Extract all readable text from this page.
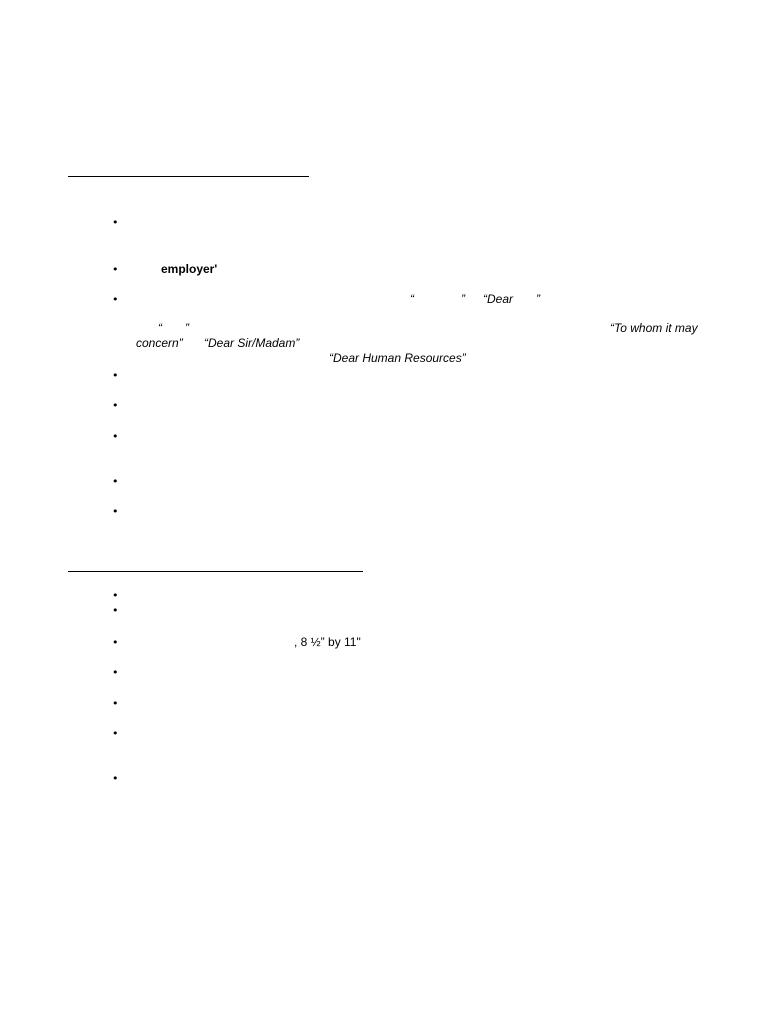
•
•
•
•
•
•
•
•
employer'
“	” “Dear ”
“ ”	“To whom it may
concern” “Dear Sir/Madam”
“Dear Human Resources”
•
•
•
•
•
•
•
, 8 ½” by 11"
